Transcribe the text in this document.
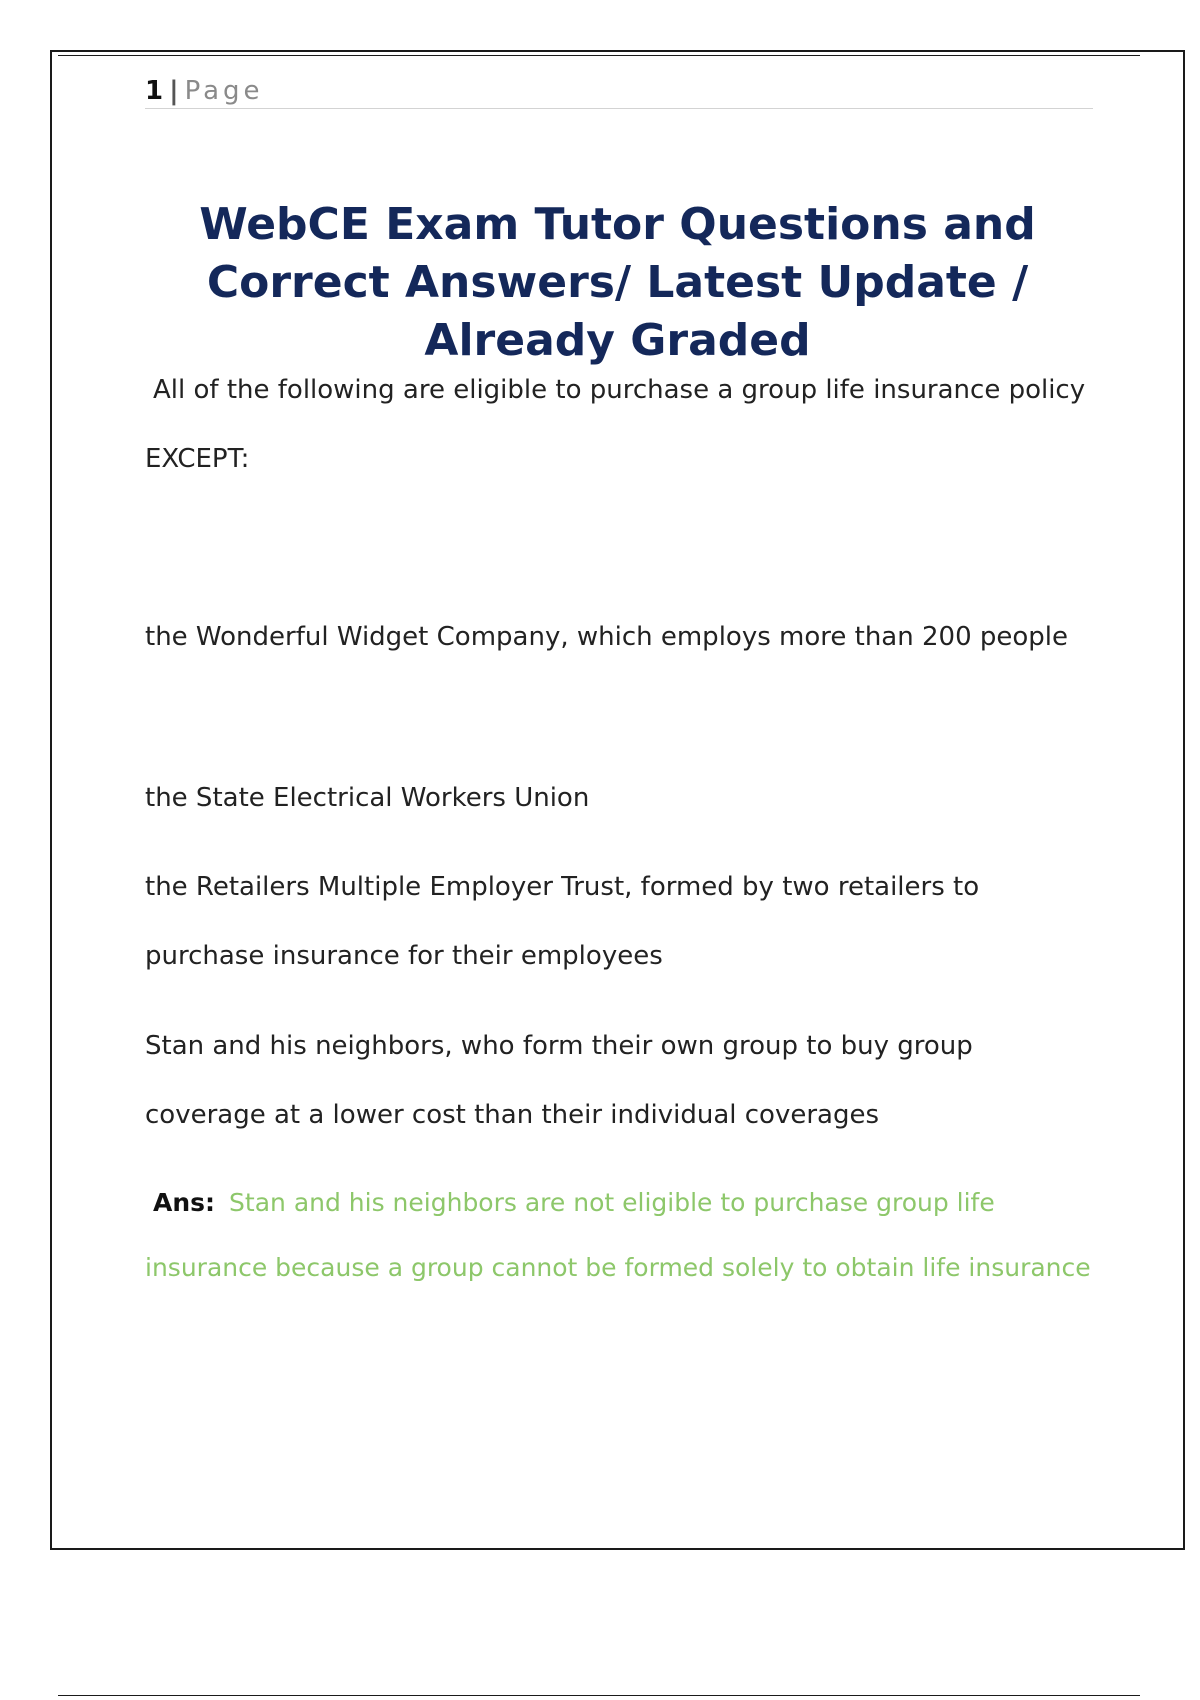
1 | Page
WebCE Exam Tutor Questions and Correct Answers/ Latest Update / Already Graded

All of the following are eligible to purchase a group life insurance policy EXCEPT:

the Wonderful Widget Company, which employs more than 200 people

the State Electrical Workers Union

the Retailers Multiple Employer Trust, formed by two retailers to purchase insurance for their employees

Stan and his neighbors, who form their own group to buy group coverage at a lower cost than their individual coverages

Ans: Stan and his neighbors are not eligible to purchase group life insurance because a group cannot be formed solely to obtain life insurance
